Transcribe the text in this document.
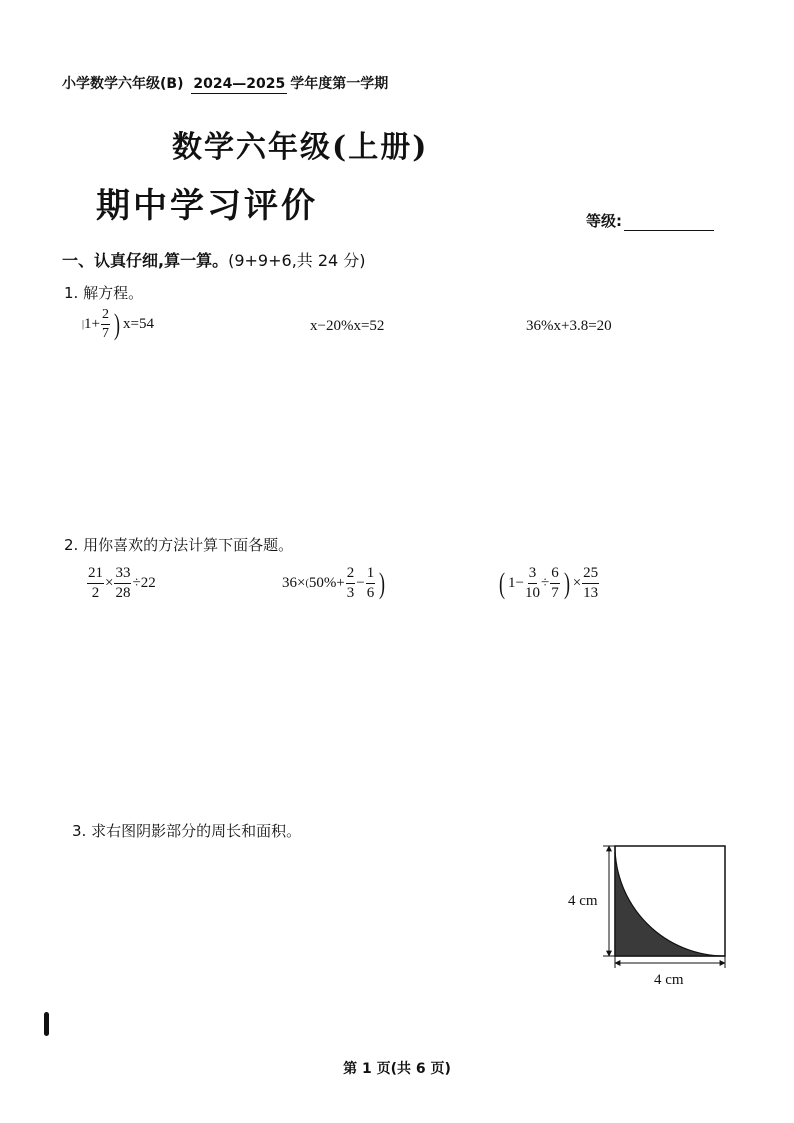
小学数学六年级(B) 2024—2025 学年度第一学期
数学六年级(上册)
期中学习评价	等级:
一、认真仔细,算一算。(9+9+6,共 24 分)
1. 解方程。
| $1+ \frac{2}{7}$ ) x=54	x−20%x=52	36%x+3.8=20
2. 用你喜欢的方法计算下面各题。
$\frac{21}{2} \times \frac{33}{28} \div 22$	36× ( $50\%+ \frac{2}{3} - \frac{1}{6}$ )	( $1- \frac{3}{10} \div \frac{6}{7}$ ) × $\frac{25}{13}$
3. 求右图阴影部分的周长和面积。
4 cm
4 cm
第 1 页(共 6 页)
